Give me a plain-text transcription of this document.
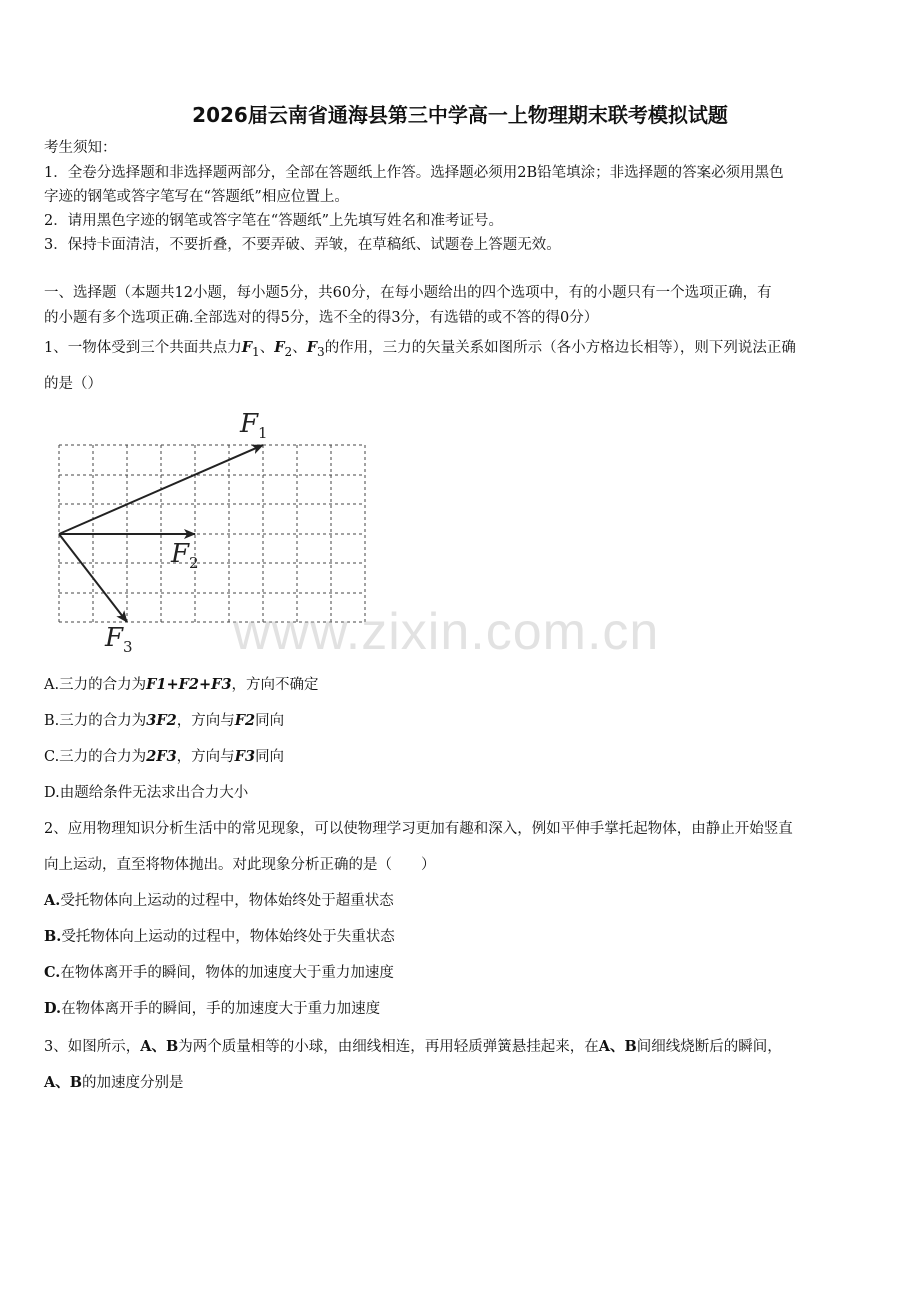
2026届云南省通海县第三中学高一上物理期末联考模拟试题
考生须知：
1．全卷分选择题和非选择题两部分，全部在答题纸上作答。选择题必须用2B铅笔填涂；非选择题的答案必须用黑色
字迹的钢笔或答字笔写在“答题纸”相应位置上。
2．请用黑色字迹的钢笔或答字笔在“答题纸”上先填写姓名和准考证号。
3．保持卡面清洁，不要折叠，不要弄破、弄皱，在草稿纸、试题卷上答题无效。
一、选择题（本题共12小题，每小题5分，共60分，在每小题给出的四个选项中，有的小题只有一个选项正确，有
的小题有多个选项正确.全部选对的得5分，选不全的得3分，有选错的或不答的得0分）
1、一物体受到三个共面共点力$F_1$、$F_2$、$F_3$的作用，三力的矢量关系如图所示（各小方格边长相等），则下列说法正确
的是（）
$F_1$
$F_2$
$F_3$
A.三力的合力为F1+F2+F3，方向不确定
B.三力的合力为3F2，方向与F2同向
C.三力的合力为2F3，方向与F3同向
D.由题给条件无法求出合力大小
2、应用物理知识分析生活中的常见现象，可以使物理学习更加有趣和深入，例如平伸手掌托起物体，由静止开始竖直
向上运动，直至将物体抛出。对此现象分析正确的是（　　）
A.受托物体向上运动的过程中，物体始终处于超重状态
B.受托物体向上运动的过程中，物体始终处于失重状态
C.在物体离开手的瞬间，物体的加速度大于重力加速度
D.在物体离开手的瞬间，手的加速度大于重力加速度
3、如图所示，A、B为两个质量相等的小球，由细线相连，再用轻质弹簧悬挂起来，在A、B间细线烧断后的瞬间，
A、B的加速度分别是
www.zixin.com.cn
